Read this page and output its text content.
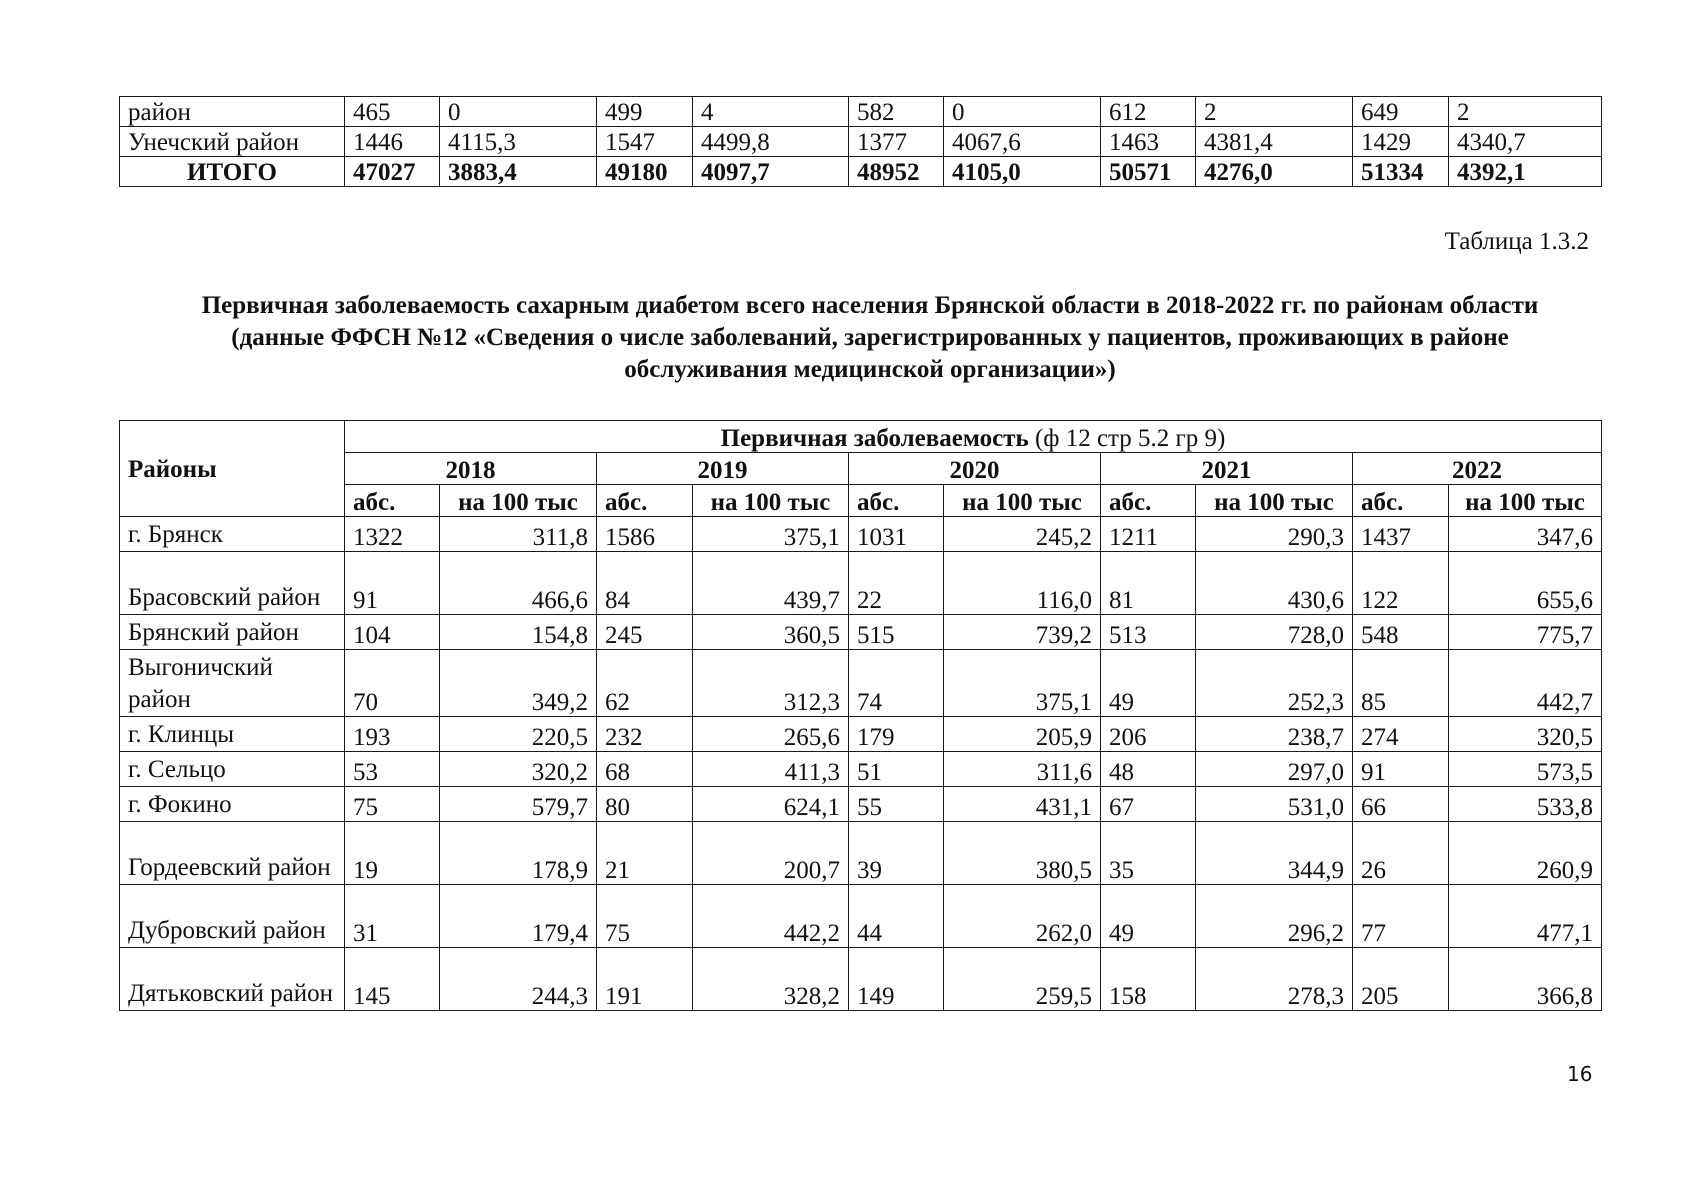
район	465	0	499	4	582	0	612	2	649	2
Унечский район	1446	4115,3	1547	4499,8	1377	4067,6	1463	4381,4	1429	4340,7
ИТОГО	47027	3883,4	49180	4097,7	48952	4105,0	50571	4276,0	51334	4392,1
Таблица 1.3.2
Первичная заболеваемость сахарным диабетом всего населения Брянской области в 2018-2022 гг. по районам области (данные ФФСН №12 «Сведения о числе заболеваний, зарегистрированных у пациентов, проживающих в районе обслуживания медицинской организации»)
Районы	Первичная заболеваемость (ф 12 стр 5.2 гр 9)									
	2018		2019		2020		2021		2022	
	абс.	на 100 тыс	абс.	на 100 тыс	абс.	на 100 тыс	абс.	на 100 тыс	абс.	на 100 тыс
г. Брянск	1322	311,8	1586	375,1	1031	245,2	1211	290,3	1437	347,6
Брасовский район	91	466,6	84	439,7	22	116,0	81	430,6	122	655,6
Брянский район	104	154,8	245	360,5	515	739,2	513	728,0	548	775,7
Выгоничский район	70	349,2	62	312,3	74	375,1	49	252,3	85	442,7
г. Клинцы	193	220,5	232	265,6	179	205,9	206	238,7	274	320,5
г. Сельцо	53	320,2	68	411,3	51	311,6	48	297,0	91	573,5
г. Фокино	75	579,7	80	624,1	55	431,1	67	531,0	66	533,8
Гордеевский район	19	178,9	21	200,7	39	380,5	35	344,9	26	260,9
Дубровский район	31	179,4	75	442,2	44	262,0	49	296,2	77	477,1
Дятьковский район	145	244,3	191	328,2	149	259,5	158	278,3	205	366,8
16
